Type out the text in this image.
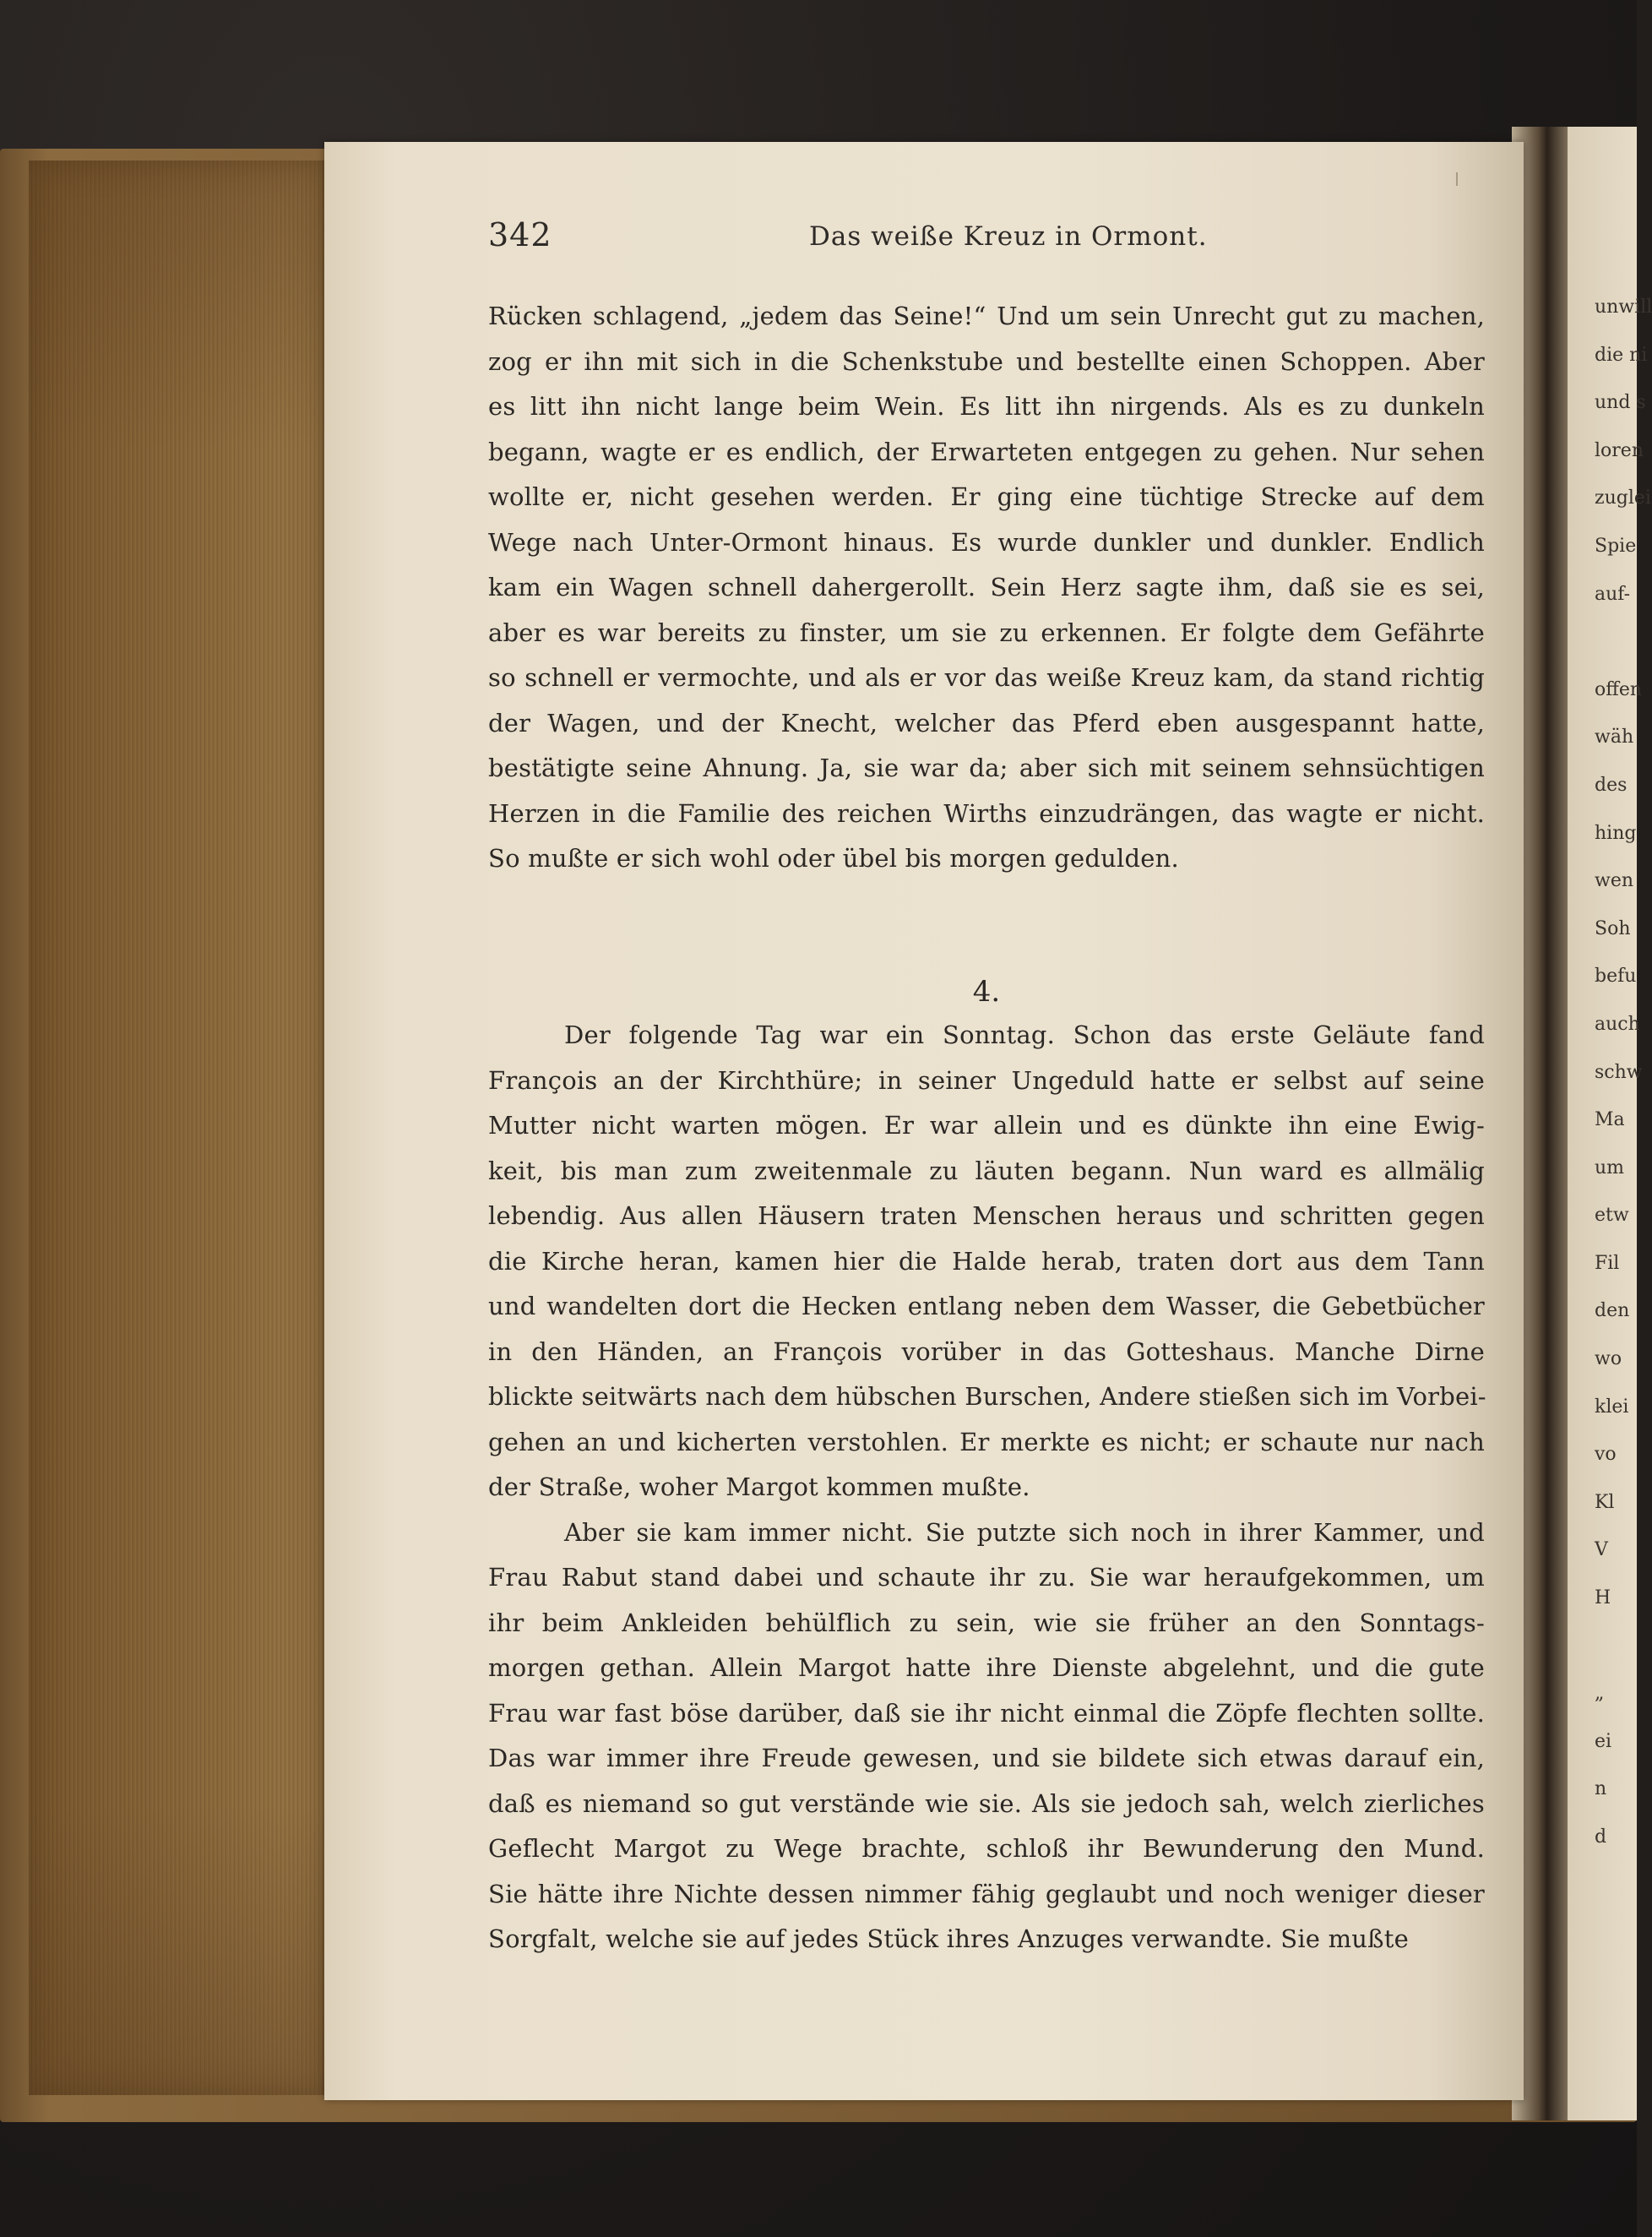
unwill
die ni
und s
loren
zuglei
Spie
auf-
offen
wäh
des
hing
wen
Soh
befu
auch
schw
Ma
um
etw
Fil
den
wo
klei
vo
Kl
V
H
„
ei
n
d
342	Das weiße Kreuz in Ormont.
Rücken schlagend, „jedem das Seine!“ Und um sein Unrecht gut zu machen,
zog er ihn mit sich in die Schenkstube und bestellte einen Schoppen. Aber
es litt ihn nicht lange beim Wein. Es litt ihn nirgends. Als es zu dunkeln
begann, wagte er es endlich, der Erwarteten entgegen zu gehen. Nur sehen
wollte er, nicht gesehen werden. Er ging eine tüchtige Strecke auf dem
Wege nach Unter-Ormont hinaus. Es wurde dunkler und dunkler. Endlich
kam ein Wagen schnell dahergerollt. Sein Herz sagte ihm, daß sie es sei,
aber es war bereits zu finster, um sie zu erkennen. Er folgte dem Gefährte
so schnell er vermochte, und als er vor das weiße Kreuz kam, da stand richtig
der Wagen, und der Knecht, welcher das Pferd eben ausgespannt hatte,
bestätigte seine Ahnung. Ja, sie war da; aber sich mit seinem sehnsüchtigen
Herzen in die Familie des reichen Wirths einzudrängen, das wagte er nicht.
So mußte er sich wohl oder übel bis morgen gedulden.
4.
Der folgende Tag war ein Sonntag. Schon das erste Geläute fand
François an der Kirchthüre; in seiner Ungeduld hatte er selbst auf seine
Mutter nicht warten mögen. Er war allein und es dünkte ihn eine Ewig-
keit, bis man zum zweitenmale zu läuten begann. Nun ward es allmälig
lebendig. Aus allen Häusern traten Menschen heraus und schritten gegen
die Kirche heran, kamen hier die Halde herab, traten dort aus dem Tann
und wandelten dort die Hecken entlang neben dem Wasser, die Gebetbücher
in den Händen, an François vorüber in das Gotteshaus. Manche Dirne
blickte seitwärts nach dem hübschen Burschen, Andere stießen sich im Vorbei-
gehen an und kicherten verstohlen. Er merkte es nicht; er schaute nur nach
der Straße, woher Margot kommen mußte.
Aber sie kam immer nicht. Sie putzte sich noch in ihrer Kammer, und
Frau Rabut stand dabei und schaute ihr zu. Sie war heraufgekommen, um
ihr beim Ankleiden behülflich zu sein, wie sie früher an den Sonntags-
morgen gethan. Allein Margot hatte ihre Dienste abgelehnt, und die gute
Frau war fast böse darüber, daß sie ihr nicht einmal die Zöpfe flechten sollte.
Das war immer ihre Freude gewesen, und sie bildete sich etwas darauf ein,
daß es niemand so gut verstände wie sie. Als sie jedoch sah, welch zierliches
Geflecht Margot zu Wege brachte, schloß ihr Bewunderung den Mund.
Sie hätte ihre Nichte dessen nimmer fähig geglaubt und noch weniger dieser
Sorgfalt, welche sie auf jedes Stück ihres Anzuges verwandte. Sie mußte
